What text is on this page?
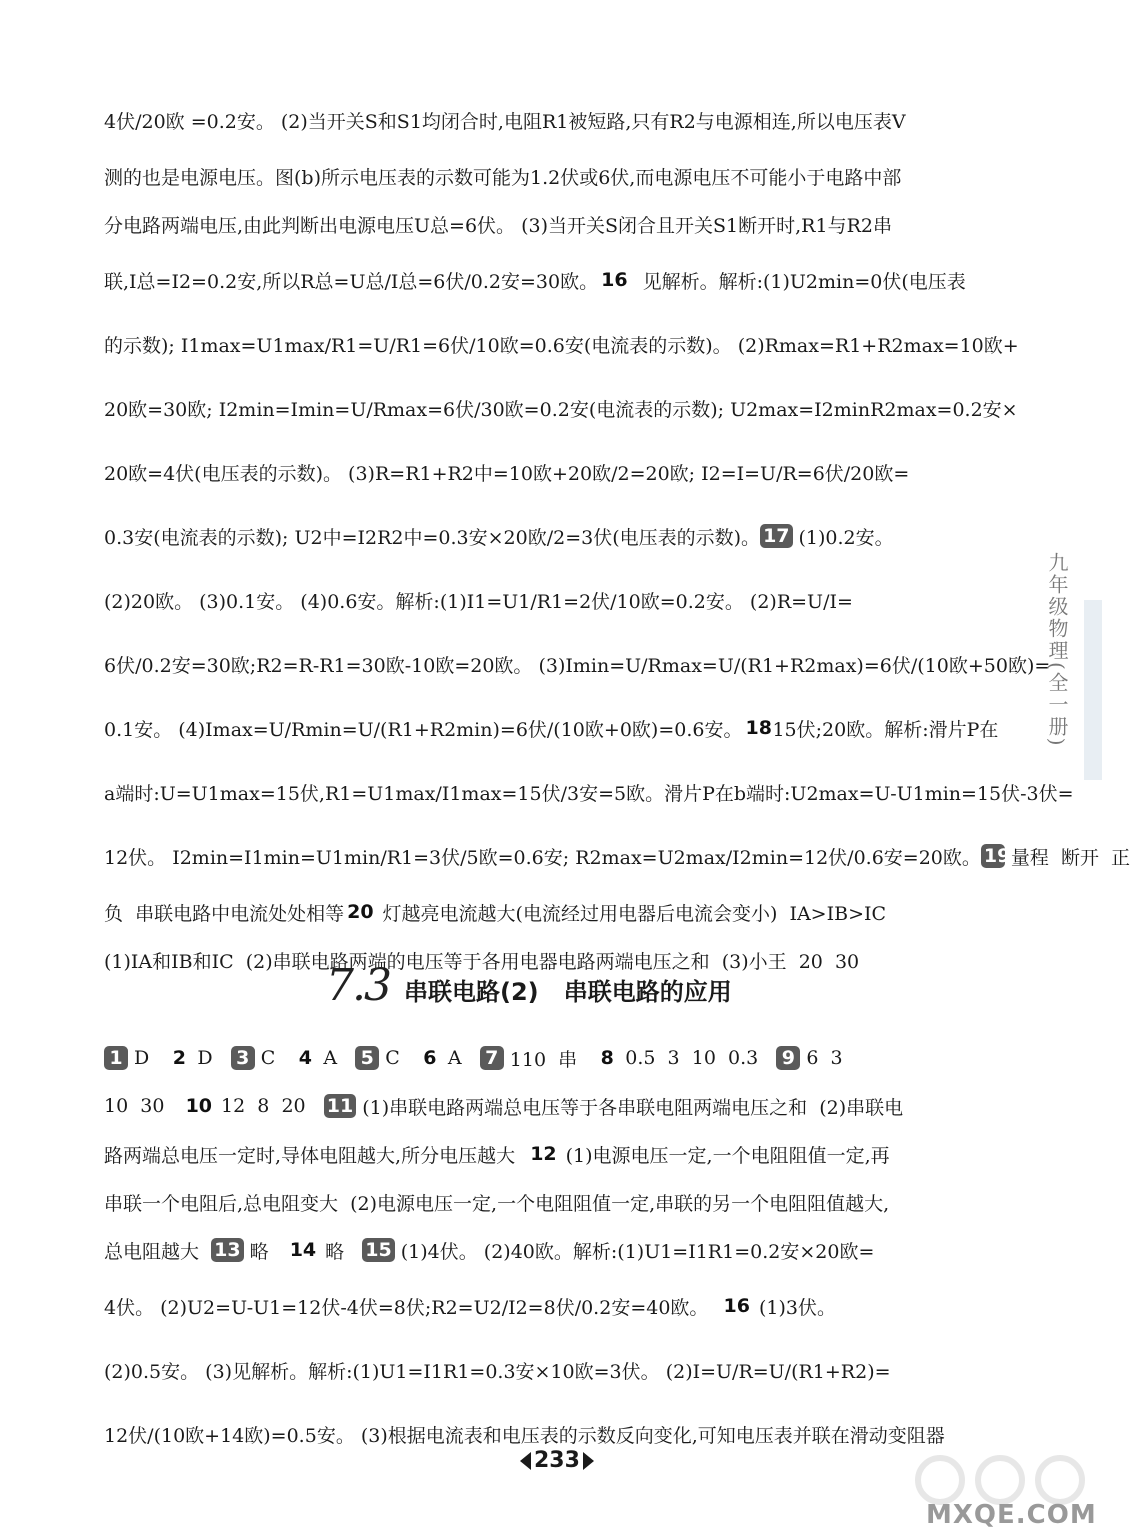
4伏/20欧 =0.2安。 (2)当开关S和S1均闭合时,电阻R1被短路,只有R2与电源相连,所以电压表V
测的也是电源电压。图(b)所示电压表的示数可能为1.2伏或6伏,而电源电压不可能小于电路中部
分电路两端电压,由此判断出电源电压U总=6伏。 (3)当开关S闭合且开关S1断开时,R1与R2串
联,I总=I2=0.2安,所以R总=U总/I总=6伏/0.2安=30欧。 16 见解析。解析:(1)U2min=0伏(电压表
的示数); I1max=U1max/R1=U/R1=6伏/10欧=0.6安(电流表的示数)。 (2)Rmax=R1+R2max=10欧+
20欧=30欧; I2min=Imin=U/Rmax=6伏/30欧=0.2安(电流表的示数); U2max=I2minR2max=0.2安×
20欧=4伏(电压表的示数)。 (3)R=R1+R2中=10欧+20欧/2=20欧; I2=I=U/R=6伏/20欧=
0.3安(电流表的示数); U2中=I2R2中=0.3安×20欧/2=3伏(电压表的示数)。 17 (1)0.2安。
(2)20欧。 (3)0.1安。 (4)0.6安。解析:(1)I1=U1/R1=2伏/10欧=0.2安。 (2)R=U/I=
6伏/0.2安=30欧;R2=R-R1=30欧-10欧=20欧。 (3)Imin=U/Rmax=U/(R1+R2max)=6伏/(10欧+50欧)=
0.1安。 (4)Imax=U/Rmin=U/(R1+R2min)=6伏/(10欧+0欧)=0.6安。 18 15伏;20欧。解析:滑片P在
a端时:U=U1max=15伏,R1=U1max/I1max=15伏/3安=5欧。滑片P在b端时:U2max=U-U1min=15伏-3伏=
12伏。 I2min=I1min=U1min/R1=3伏/5欧=0.6安; R2max=U2max/I2min=12伏/0.6安=20欧。 19 量程  断开  正
负  串联电路中电流处处相等 20 灯越亮电流越大(电流经过用电器后电流会变小)  IA>IB>IC
(1)IA和IB和IC  (2)串联电路两端的电压等于各用电器电路两端电压之和  (3)小王  20  30
7.3 串联电路(2)   串联电路的应用
1 D
2 D
3 C
4 A
5 C
6 A
7 110  串
8 0.5  3  10  0.3
9 6  3

10  30
10 12  8  20
11 (1)串联电路两端总电压等于各串联电阻两端电压之和  (2)串联电
路两端总电压一定时,导体电阻越大,所分电压越大
12 (1)电源电压一定,一个电阻阻值一定,再
串联一个电阻后,总电阻变大  (2)电源电压一定,一个电阻阻值一定,串联的另一个电阻阻值越大,
总电阻越大
13 略
14 略
15 (1)4伏。 (2)40欧。解析:(1)U1=I1R1=0.2安×20欧=
4伏。 (2)U2=U-U1=12伏-4伏=8伏;R2=U2/I2=8伏/0.2安=40欧。
16 (1)3伏。
(2)0.5安。 (3)见解析。解析:(1)U1=I1R1=0.3安×10欧=3伏。 (2)I=U/R=U/(R1+R2)=
12伏/(10欧+14欧)=0.5安。 (3)根据电流表和电压表的示数反向变化,可知电压表并联在滑动变阻器
233
九年级物理(全一册)
MXQE.COM
